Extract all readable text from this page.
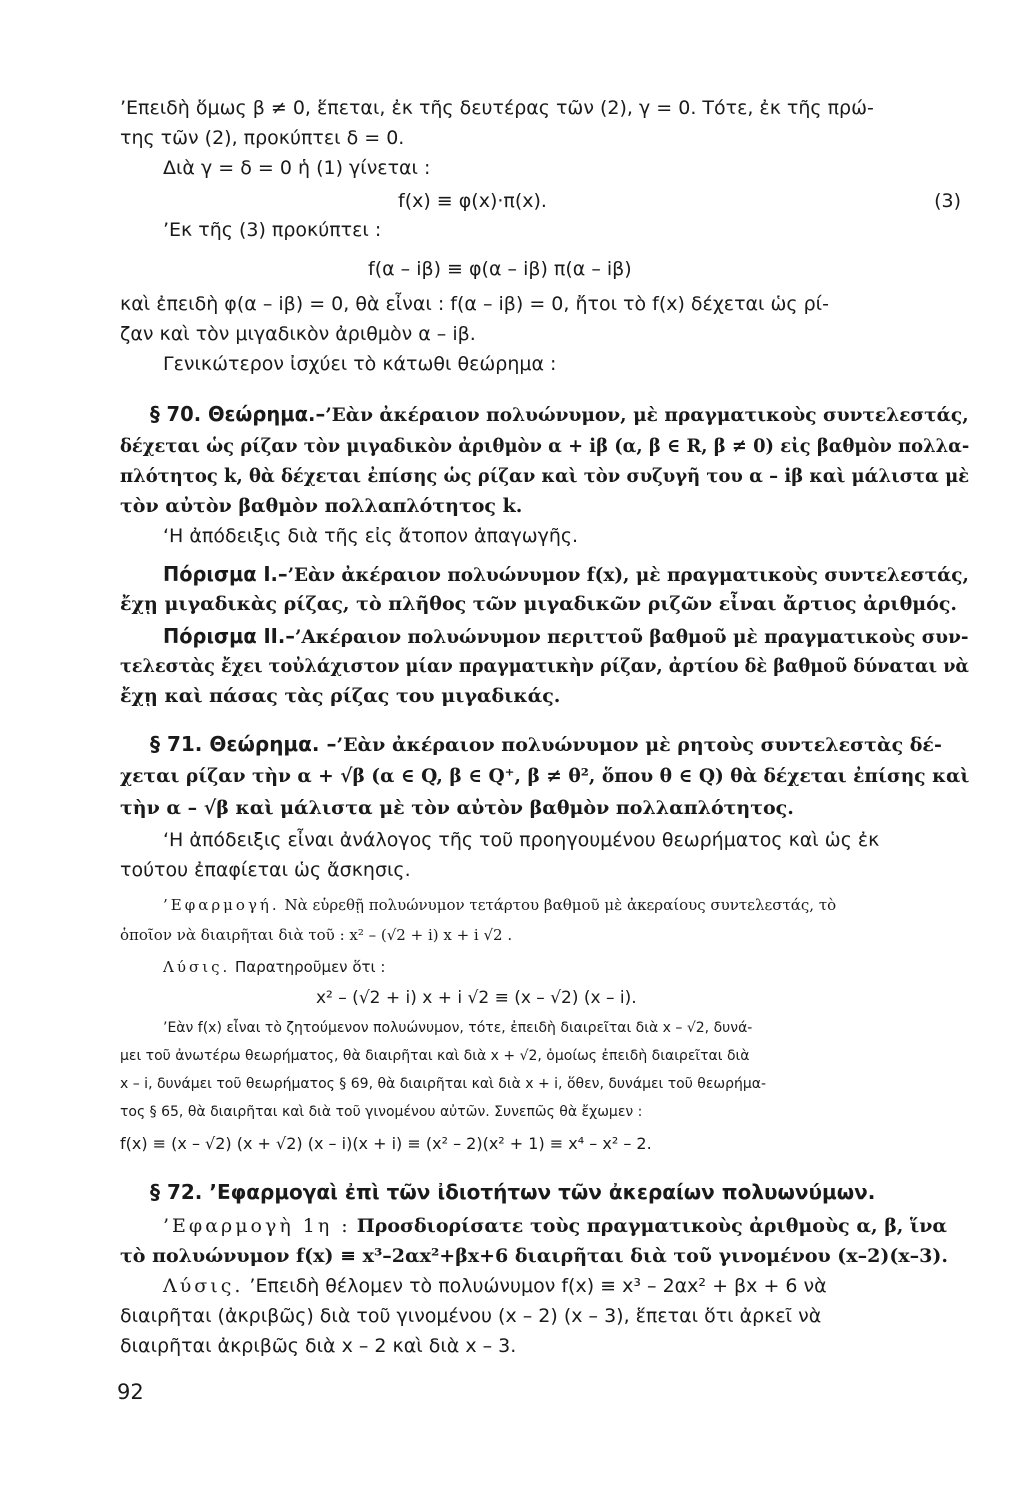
’Επειδὴ ὅμως β ≠ 0, ἕπεται, ἐκ τῆς δευτέρας τῶν (2), γ = 0. Τότε, ἐκ τῆς πρώ-
της τῶν (2), προκύπτει δ = 0.
Διὰ γ = δ = 0 ἡ (1) γίνεται :
f(x) ≡ φ(x)·π(x).	(3)
’Εκ τῆς (3) προκύπτει :
f(α – iβ) ≡ φ(α – iβ) π(α – iβ)
καὶ ἐπειδὴ φ(α – iβ) = 0, θὰ εἶναι : f(α – iβ) = 0, ἤτοι τὸ f(x) δέχεται ὡς ρί-
ζαν καὶ τὸν μιγαδικὸν ἀριθμὸν α – iβ.
Γενικώτερον ἰσχύει τὸ κάτωθι θεώρημα :
§ 70. Θεώρημα.–’Εὰν ἀκέραιον πολυώνυμον, μὲ πραγματικοὺς συντελεστάς,
δέχεται ὡς ρίζαν τὸν μιγαδικὸν ἀριθμὸν α + iβ (α, β ∈ R, β ≠ 0) εἰς βαθμὸν πολλα-
πλότητος k, θὰ δέχεται ἐπίσης ὡς ρίζαν καὶ τὸν συζυγῆ του α – iβ καὶ μάλιστα μὲ
τὸν αὐτὸν βαθμὸν πολλαπλότητος k.
‘Η ἀπόδειξις διὰ τῆς εἰς ἄτοπον ἀπαγωγῆς.
Πόρισμα I.–’Εὰν ἀκέραιον πολυώνυμον f(x), μὲ πραγματικοὺς συντελεστάς,
ἔχῃ μιγαδικὰς ρίζας, τὸ πλῆθος τῶν μιγαδικῶν ριζῶν εἶναι ἄρτιος ἀριθμός.
Πόρισμα II.–’Ακέραιον πολυώνυμον περιττοῦ βαθμοῦ μὲ πραγματικοὺς συν-
τελεστὰς ἔχει τοὐλάχιστον μίαν πραγματικὴν ρίζαν, ἀρτίου δὲ βαθμοῦ δύναται νὰ
ἔχῃ καὶ πάσας τὰς ρίζας του μιγαδικάς.
§ 71. Θεώρημα. –’Εὰν ἀκέραιον πολυώνυμον μὲ ρητοὺς συντελεστὰς δέ-
χεται ρίζαν τὴν α + √β (α ∈ Q, β ∈ Q⁺, β ≠ θ², ὅπου θ ∈ Q) θὰ δέχεται ἐπίσης καὶ
τὴν α – √β καὶ μάλιστα μὲ τὸν αὐτὸν βαθμὸν πολλαπλότητος.
‘Η ἀπόδειξις εἶναι ἀνάλογος τῆς τοῦ προηγουμένου θεωρήματος καὶ ὡς ἐκ
τούτου ἐπαφίεται ὡς ἄσκησις.
’Εφαρμογή. Νὰ εὑρεθῇ πολυώνυμον τετάρτου βαθμοῦ μὲ ἀκεραίους συντελεστάς, τὸ
ὁποῖον νὰ διαιρῆται διὰ τοῦ : x² – (√2 + i) x + i √2 .
Λύσις. Παρατηροῦμεν ὅτι :
x² – (√2 + i) x + i √2 ≡ (x – √2) (x – i).
’Εὰν f(x) εἶναι τὸ ζητούμενον πολυώνυμον, τότε, ἐπειδὴ διαιρεῖται διὰ x – √2, δυνά-
μει τοῦ ἀνωτέρω θεωρήματος, θὰ διαιρῆται καὶ διὰ x + √2, ὁμοίως ἐπειδὴ διαιρεῖται διὰ
x – i, δυνάμει τοῦ θεωρήματος § 69, θὰ διαιρῆται καὶ διὰ x + i, ὅθεν, δυνάμει τοῦ θεωρήμα-
τος § 65, θὰ διαιρῆται καὶ διὰ τοῦ γινομένου αὐτῶν. Συνεπῶς θὰ ἔχωμεν :
f(x) ≡ (x – √2) (x + √2) (x – i)(x + i) ≡ (x² – 2)(x² + 1) ≡ x⁴ – x² – 2.
§ 72. ’Εφαρμογαὶ ἐπὶ τῶν ἰδιοτήτων τῶν ἀκεραίων πολυωνύμων.
’Εφαρμογὴ 1η : Προσδιορίσατε τοὺς πραγματικοὺς ἀριθμοὺς α, β, ἵνα
τὸ πολυώνυμον f(x) ≡ x³–2αx²+βx+6 διαιρῆται διὰ τοῦ γινομένου (x–2)(x–3).
Λύσις. ’Επειδὴ θέλομεν τὸ πολυώνυμον f(x) ≡ x³ – 2αx² + βx + 6 νὰ
διαιρῆται (ἀκριβῶς) διὰ τοῦ γινομένου (x – 2) (x – 3), ἕπεται ὅτι ἀρκεῖ νὰ
διαιρῆται ἀκριβῶς διὰ x – 2 καὶ διὰ x – 3.
92
